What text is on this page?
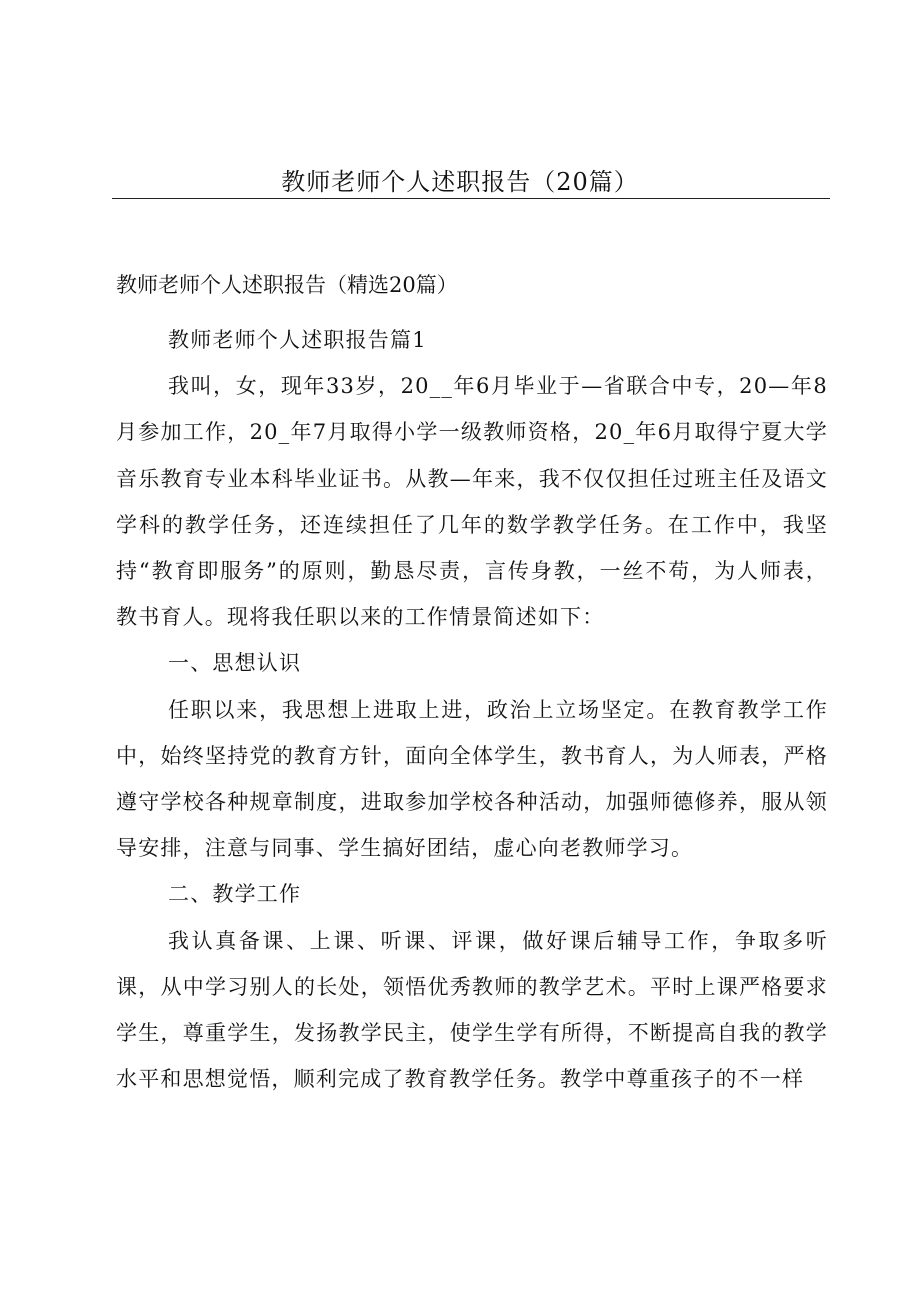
教师老师个人述职报告（20篇）

教师老师个人述职报告（精选20篇）

教师老师个人述职报告篇1

我叫，女，现年33岁，20__年6月毕业于—省联合中专，20—年8月参加工作，20_年7月取得小学一级教师资格，20_年6月取得宁夏大学音乐教育专业本科毕业证书。从教—年来，我不仅仅担任过班主任及语文学科的教学任务，还连续担任了几年的数学教学任务。在工作中，我坚持“教育即服务”的原则，勤恳尽责，言传身教，一丝不苟，为人师表，教书育人。现将我任职以来的工作情景简述如下：

一、思想认识

任职以来，我思想上进取上进，政治上立场坚定。在教育教学工作中，始终坚持党的教育方针，面向全体学生，教书育人，为人师表，严格遵守学校各种规章制度，进取参加学校各种活动，加强师德修养，服从领导安排，注意与同事、学生搞好团结，虚心向老教师学习。

二、教学工作

我认真备课、上课、听课、评课，做好课后辅导工作，争取多听课，从中学习别人的长处，领悟优秀教师的教学艺术。平时上课严格要求学生，尊重学生，发扬教学民主，使学生学有所得，不断提高自我的教学水平和思想觉悟，顺利完成了教育教学任务。教学中尊重孩子的不一样
